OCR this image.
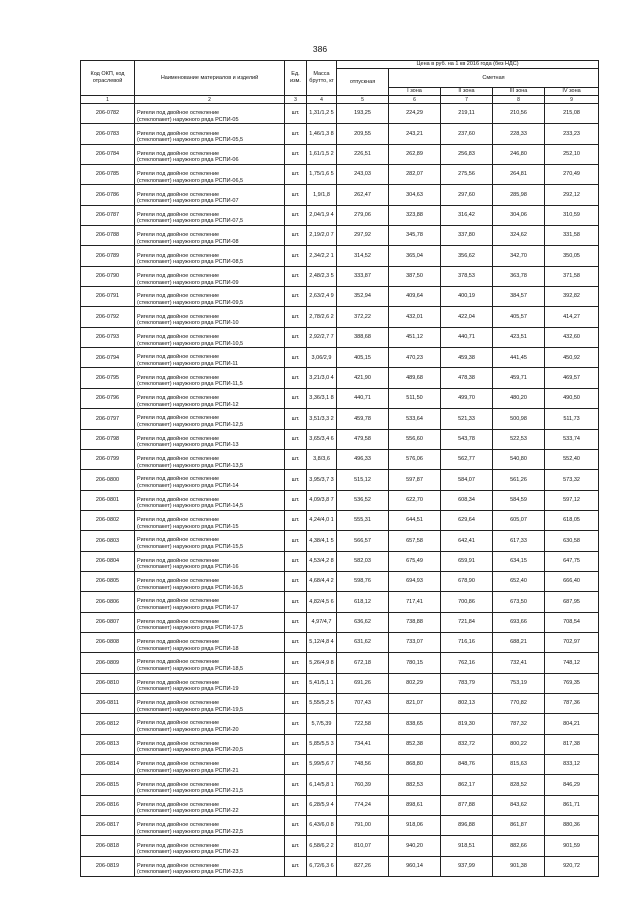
386
Код ОКП, код отраслевой	Наименование материалов и изделий	Ед. изм.	Масса брутто, кг	Цена в руб. на 1 кв 2016 года (без НДС)				
				отпускная	Сметная			
					I зона	II зона	III зона	IV зона
1	2	3	4	5	6	7	8	9
206-0782	Ригели под двойное остекление
(стеклопакет) наружного ряда РСПИ-05	шт.	1,31/1,2 5	193,25	224,29	219,11	210,56	215,08
206-0783	Ригели под двойное остекление
(стеклопакет) наружного ряда РСПИ-05,5	шт.	1,46/1,3 8	209,55	243,21	237,60	228,33	233,23
206-0784	Ригели под двойное остекление
(стеклопакет) наружного ряда РСПИ-06	шт.	1,61/1,5 2	226,51	262,89	256,83	246,80	252,10
206-0785	Ригели под двойное остекление
(стеклопакет) наружного ряда РСПИ-06,5	шт.	1,75/1,6 5	243,03	282,07	275,56	264,81	270,49
206-0786	Ригели под двойное остекление
(стеклопакет) наружного ряда РСПИ-07	шт.	1,9/1,8	262,47	304,63	297,60	285,98	292,12
206-0787	Ригели под двойное остекление
(стеклопакет) наружного ряда РСПИ-07,5	шт.	2,04/1,9 4	279,06	323,88	316,42	304,06	310,59
206-0788	Ригели под двойное остекление
(стеклопакет) наружного ряда РСПИ-08	шт.	2,19/2,0 7	297,92	345,78	337,80	324,62	331,58
206-0789	Ригели под двойное остекление
(стеклопакет) наружного ряда РСПИ-08,5	шт.	2,34/2,2 1	314,52	365,04	356,62	342,70	350,05
206-0790	Ригели под двойное остекление
(стеклопакет) наружного ряда РСПИ-09	шт.	2,48/2,3 5	333,87	387,50	378,53	363,78	371,58
206-0791	Ригели под двойное остекление
(стеклопакет) наружного ряда РСПИ-09,5	шт.	2,63/2,4 9	352,94	409,64	400,19	384,57	392,82
206-0792	Ригели под двойное остекление
(стеклопакет) наружного ряда РСПИ-10	шт.	2,78/2,6 2	372,22	432,01	422,04	405,57	414,27
206-0793	Ригели под двойное остекление
(стеклопакет) наружного ряда РСПИ-10,5	шт.	2,92/2,7 7	388,68	451,12	440,71	423,51	432,60
206-0794	Ригели под двойное остекление
(стеклопакет) наружного ряда РСПИ-11	шт.	3,06/2,9	405,15	470,23	459,38	441,45	450,92
206-0795	Ригели под двойное остекление
(стеклопакет) наружного ряда РСПИ-11,5	шт.	3,21/3,0 4	421,90	489,68	478,38	459,71	469,57
206-0796	Ригели под двойное остекление
(стеклопакет) наружного ряда РСПИ-12	шт.	3,36/3,1 8	440,71	511,50	499,70	480,20	490,50
206-0797	Ригели под двойное остекление
(стеклопакет) наружного ряда РСПИ-12,5	шт.	3,51/3,3 2	459,78	533,64	521,33	500,98	511,73
206-0798	Ригели под двойное остекление
(стеклопакет) наружного ряда РСПИ-13	шт.	3,65/3,4 6	479,58	556,60	543,78	522,53	533,74
206-0799	Ригели под двойное остекление
(стеклопакет) наружного ряда РСПИ-13,5	шт.	3,8/3,6	496,33	576,06	562,77	540,80	552,40
206-0800	Ригели под двойное остекление
(стеклопакет) наружного ряда РСПИ-14	шт.	3,95/3,7 3	515,12	597,87	584,07	561,26	573,32
206-0801	Ригели под двойное остекление
(стеклопакет) наружного ряда РСПИ-14,5	шт.	4,09/3,8 7	536,52	622,70	608,34	584,59	597,12
206-0802	Ригели под двойное остекление
(стеклопакет) наружного ряда РСПИ-15	шт.	4,24/4,0 1	555,31	644,51	629,64	605,07	618,05
206-0803	Ригели под двойное остекление
(стеклопакет) наружного ряда РСПИ-15,5	шт.	4,38/4,1 5	566,57	657,58	642,41	617,33	630,58
206-0804	Ригели под двойное остекление
(стеклопакет) наружного ряда РСПИ-16	шт.	4,53/4,2 8	582,03	675,49	659,91	634,15	647,75
206-0805	Ригели под двойное остекление
(стеклопакет) наружного ряда РСПИ-16,5	шт.	4,68/4,4 2	598,76	694,93	678,90	652,40	666,40
206-0806	Ригели под двойное остекление
(стеклопакет) наружного ряда РСПИ-17	шт.	4,82/4,5 6	618,12	717,41	700,86	673,50	687,95
206-0807	Ригели под двойное остекление
(стеклопакет) наружного ряда РСПИ-17,5	шт.	4,97/4,7	636,62	738,88	721,84	693,66	708,54
206-0808	Ригели под двойное остекление
(стеклопакет) наружного ряда РСПИ-18	шт.	5,12/4,8 4	631,62	733,07	716,16	688,21	702,97
206-0809	Ригели под двойное остекление
(стеклопакет) наружного ряда РСПИ-18,5	шт.	5,26/4,9 8	672,18	780,15	762,16	732,41	748,12
206-0810	Ригели под двойное остекление
(стеклопакет) наружного ряда РСПИ-19	шт.	5,41/5,1 1	691,26	802,29	783,79	753,19	769,35
206-0811	Ригели под двойное остекление
(стеклопакет) наружного ряда РСПИ-19,5	шт.	5,55/5,2 5	707,43	821,07	802,13	770,82	787,36
206-0812	Ригели под двойное остекление
(стеклопакет) наружного ряда РСПИ-20	шт.	5,7/5,39	722,58	838,65	819,30	787,32	804,21
206-0813	Ригели под двойное остекление
(стеклопакет) наружного ряда РСПИ-20,5	шт.	5,85/5,5 3	734,41	852,38	832,72	800,22	817,38
206-0814	Ригели под двойное остекление
(стеклопакет) наружного ряда РСПИ-21	шт.	5,99/5,6 7	748,56	868,80	848,76	815,63	833,12
206-0815	Ригели под двойное остекление
(стеклопакет) наружного ряда РСПИ-21,5	шт.	6,14/5,8 1	760,39	882,53	862,17	828,52	846,29
206-0816	Ригели под двойное остекление
(стеклопакет) наружного ряда РСПИ-22	шт.	6,28/5,9 4	774,24	898,61	877,88	843,62	861,71
206-0817	Ригели под двойное остекление
(стеклопакет) наружного ряда РСПИ-22,5	шт.	6,43/6,0 8	791,00	918,06	896,88	861,87	880,36
206-0818	Ригели под двойное остекление
(стеклопакет) наружного ряда РСПИ-23	шт.	6,58/6,2 2	810,07	940,20	918,51	882,66	901,59
206-0819	Ригели под двойное остекление
(стеклопакет) наружного ряда РСПИ-23,5	шт.	6,72/6,3 6	827,26	960,14	937,99	901,38	920,72
